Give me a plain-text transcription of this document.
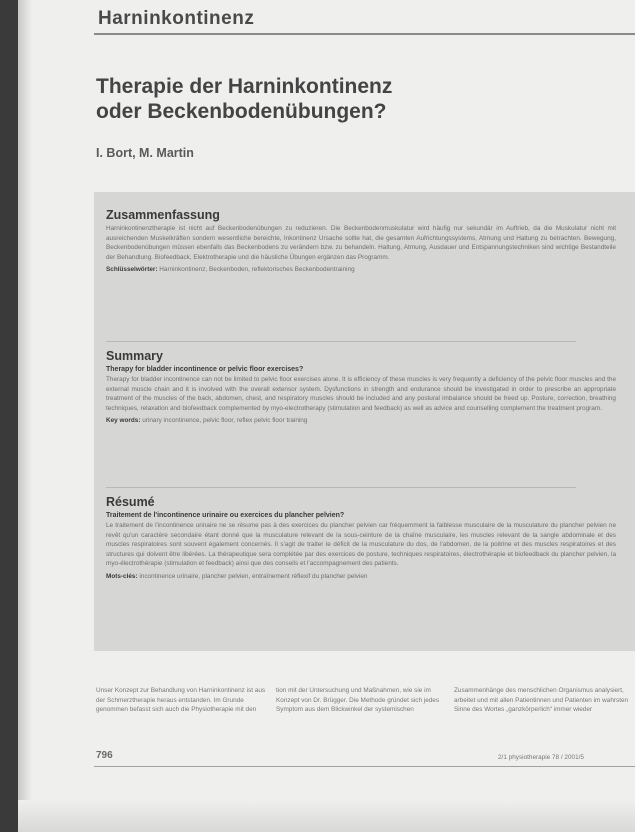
Harninkontinenz
Therapie der Harninkontinenz
oder Beckenbodenübungen?
I. Bort, M. Martin
Zusammenfassung

Harninkontinenztherapie ist nicht auf Beckenbodenübungen zu reduzieren. Die Beckenbodenmuskulatur wird häufig nur sekundär im Auftrieb, da die Muskulatur nicht mit ausreichenden Muskelkräften sondern wesentliche bereichte, Inkontinenz Ursache sollte hat, die gesamten Aufrichtungssystems, Atmung und Haltung zu betrachten. Bewegung, Beckenbodenübungen müssen ebenfalls das Beckenbodens zu verändern bzw. zu behandeln. Haltung, Atmung, Ausdauer und Entspannungstechniken sind wichtige Bestandteile der Behandlung. Biofeedback, Elektrotherapie und die häusliche Übungen ergänzen das Programm.

Schlüsselwörter: Harninkontinenz, Beckenboden, reflektorisches Beckenbodentraining
Summary
Therapy for bladder incontinence or pelvic floor exercises?

Therapy for bladder incontinence can not be limited to pelvic floor exercises alone. It is efficiency of these muscles is very frequently a deficiency of the pelvic floor muscles and the external muscle chain and it is involved with the overall extensor system. Dysfunctions in strength and endurance should be investigated in order to prescribe an appropriate treatment of the muscles of the back, abdomen, chest, and respiratory muscles should be included and any postural imbalance should be freed up. Posture, correction, breathing techniques, relaxation and biofeedback complemented by myo-electrotherapy (stimulation and feedback) as well as advice and counselling complement the treatment program.

Key words: urinary incontinence, pelvic floor, reflex pelvic floor training
Résumé
Traitement de l'incontinence urinaire ou exercices du plancher pelvien?

Le traitement de l'incontinence urinaire ne se résume pas à des exercices du plancher pelvien car fréquemment la faiblesse musculaire de la musculature du plancher pelvien ne revêt qu'un caractère secondaire étant donné que la musculature relevant de la sous-ceinture de la chaîne musculaire, les muscles relevant de la sangle abdominale et des muscles respiratoires sont souvent également concernés. Il s'agit de traiter le déficit de la musculature du dos, de l'abdomen, de la poitrine et des muscles respiratoires et des structures qui doivent être libérées. La thérapeutique sera complétée par des exercices de posture, techniques respiratoires, électrothérapie et biofeedback du plancher pelvien, la myo-électrothérapie (stimulation et feedback) ainsi que des conseils et l'accompagnement des patients.

Mots-clés: incontinence urinaire, plancher pelvien, entraînement réflexif du plancher pelvien
Unser Konzept zur Behandlung von Harninkontinenz ist aus der Schmerztherapie heraus entstanden. Im Grunde genommen befasst sich auch die Physiotherapie mit den
tion mit der Untersuchung und Maßnahmen, wie sie im Konzept von Dr. Brügger. Die Methode gründet sich jedes Symptom aus dem Blickwinkel der systemischen
Zusammenhänge des menschlichen Organismus analysiert, arbeitet und mit allen Patientinnen und Patienten im wahrsten Sinne des Wortes „ganzkörperlich“ immer wieder
796	2/1 physiotherapie 78 / 2001/5
